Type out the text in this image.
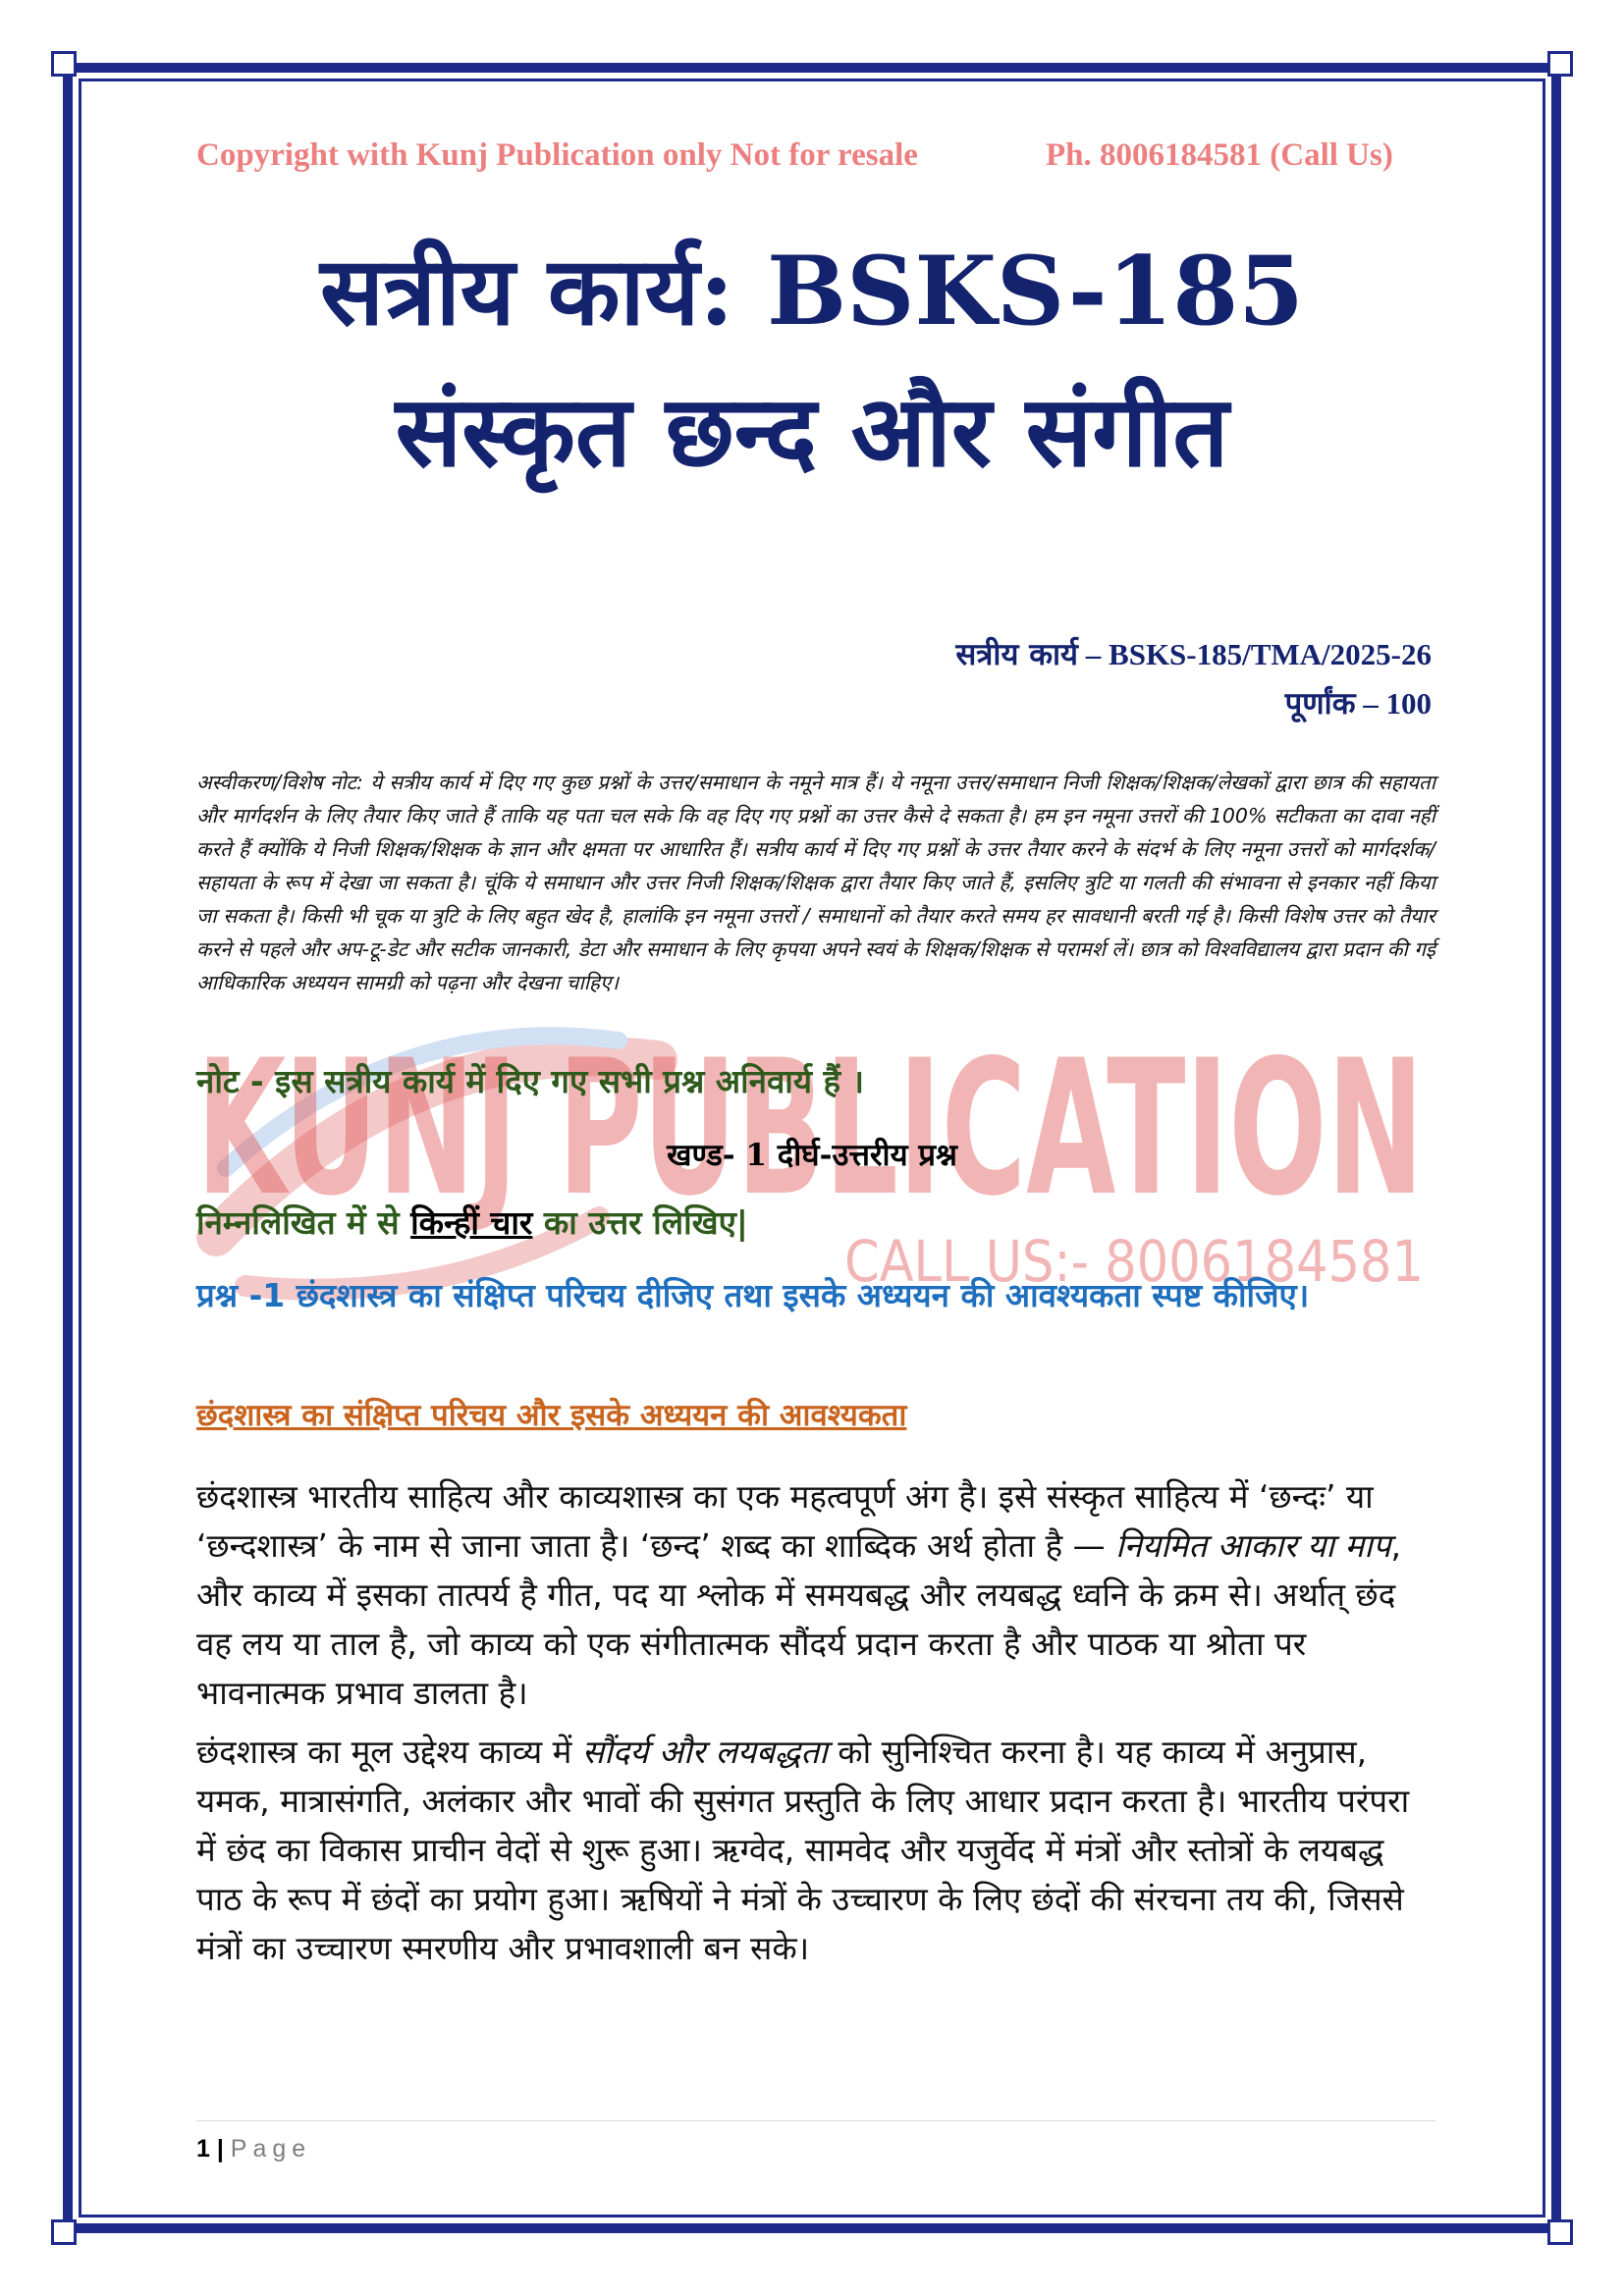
KUNJ PUBLICATION
CALL US:- 8006184581
Copyright with Kunj Publication only Not for resale	Ph. 8006184581 (Call Us)
सत्रीय कार्य: BSKS-185
संस्कृत छन्द और संगीत
सत्रीय कार्य – BSKS-185/TMA/2025-26
पूर्णांक – 100
अस्वीकरण/विशेष नोट: ये सत्रीय कार्य में दिए गए कुछ प्रश्नों के उत्तर/समाधान के नमूने मात्र हैं। ये नमूना उत्तर/समाधान निजी शिक्षक/शिक्षक/लेखकों द्वारा छात्र की सहायता और मार्गदर्शन के लिए तैयार किए जाते हैं ताकि यह पता चल सके कि वह दिए गए प्रश्नों का उत्तर कैसे दे सकता है। हम इन नमूना उत्तरों की 100% सटीकता का दावा नहीं करते हैं क्योंकि ये निजी शिक्षक/शिक्षक के ज्ञान और क्षमता पर आधारित हैं। सत्रीय कार्य में दिए गए प्रश्नों के उत्तर तैयार करने के संदर्भ के लिए नमूना उत्तरों को मार्गदर्शक/सहायता के रूप में देखा जा सकता है। चूंकि ये समाधान और उत्तर निजी शिक्षक/शिक्षक द्वारा तैयार किए जाते हैं, इसलिए त्रुटि या गलती की संभावना से इनकार नहीं किया जा सकता है। किसी भी चूक या त्रुटि के लिए बहुत खेद है, हालांकि इन नमूना उत्तरों / समाधानों को तैयार करते समय हर सावधानी बरती गई है। किसी विशेष उत्तर को तैयार करने से पहले और अप-टू-डेट और सटीक जानकारी, डेटा और समाधान के लिए कृपया अपने स्वयं के शिक्षक/शिक्षक से परामर्श लें। छात्र को विश्वविद्यालय द्वारा प्रदान की गई आधिकारिक अध्ययन सामग्री को पढ़ना और देखना चाहिए।
नोट - इस सत्रीय कार्य में दिए गए सभी प्रश्न अनिवार्य हैं ।
खण्ड- 1 दीर्घ-उत्तरीय प्रश्न
निम्नलिखित में से किन्हीं चार का उत्तर लिखिए|
प्रश्न -1 छंदशास्त्र का संक्षिप्त परिचय दीजिए तथा इसके अध्ययन की आवश्यकता स्पष्ट कीजिए।
छंदशास्त्र का संक्षिप्त परिचय और इसके अध्ययन की आवश्यकता
छंदशास्त्र भारतीय साहित्य और काव्यशास्त्र का एक महत्वपूर्ण अंग है। इसे संस्कृत साहित्य में ‘छन्दः’ या ‘छन्दशास्त्र’ के नाम से जाना जाता है। ‘छन्द’ शब्द का शाब्दिक अर्थ होता है — नियमित आकार या माप, और काव्य में इसका तात्पर्य है गीत, पद या श्लोक में समयबद्ध और लयबद्ध ध्वनि के क्रम से। अर्थात् छंद वह लय या ताल है, जो काव्य को एक संगीतात्मक सौंदर्य प्रदान करता है और पाठक या श्रोता पर भावनात्मक प्रभाव डालता है।
छंदशास्त्र का मूल उद्देश्य काव्य में सौंदर्य और लयबद्धता को सुनिश्चित करना है। यह काव्य में अनुप्रास, यमक, मात्रासंगति, अलंकार और भावों की सुसंगत प्रस्तुति के लिए आधार प्रदान करता है। भारतीय परंपरा में छंद का विकास प्राचीन वेदों से शुरू हुआ। ऋग्वेद, सामवेद और यजुर्वेद में मंत्रों और स्तोत्रों के लयबद्ध पाठ के रूप में छंदों का प्रयोग हुआ। ऋषियों ने मंत्रों के उच्चारण के लिए छंदों की संरचना तय की, जिससे मंत्रों का उच्चारण स्मरणीय और प्रभावशाली बन सके।
1 | Page
